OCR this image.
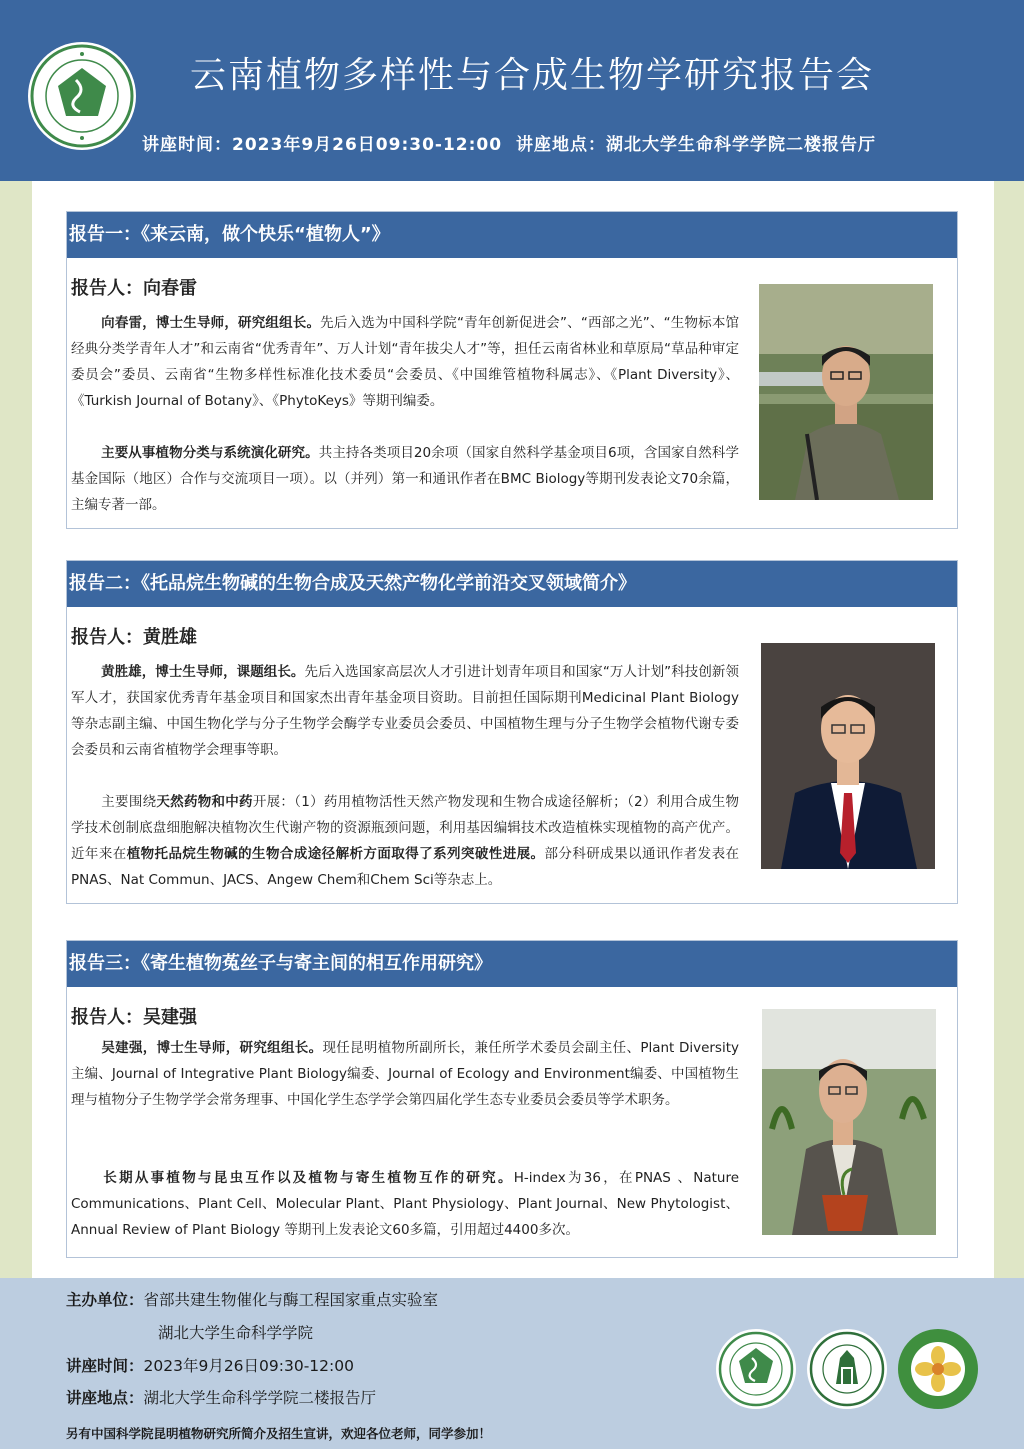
云南植物多样性与合成生物学研究报告会
讲座时间：2023年9月26日09:30-12:00 讲座地点：湖北大学生命科学学院二楼报告厅
报告一：《来云南，做个快乐“植物人”》
报告人：向春雷

向春雷，博士生导师，研究组组长。先后入选为中国科学院“青年创新促进会”、“西部之光”、“生物标本馆经典分类学青年人才”和云南省“优秀青年”、万人计划“青年拔尖人才”等，担任云南省林业和草原局“草品种审定委员会”委员、云南省“生物多样性标准化技术委员“会委员、《中国维管植物科属志》、《Plant Diversity》、《Turkish Journal of Botany》、《PhytoKeys》等期刊编委。

主要从事植物分类与系统演化研究。共主持各类项目20余项（国家自然科学基金项目6项，含国家自然科学基金国际（地区）合作与交流项目一项）。以（并列）第一和通讯作者在BMC Biology等期刊发表论文70余篇，主编专著一部。

报告二：《托品烷生物碱的生物合成及天然产物化学前沿交叉领域简介》
报告人：黄胜雄

黄胜雄，博士生导师，课题组长。先后入选国家高层次人才引进计划青年项目和国家“万人计划”科技创新领军人才，获国家优秀青年基金项目和国家杰出青年基金项目资助。目前担任国际期刊Medicinal Plant Biology等杂志副主编、中国生物化学与分子生物学会酶学专业委员会委员、中国植物生理与分子生物学会植物代谢专委会委员和云南省植物学会理事等职。

主要围绕天然药物和中药开展：（1）药用植物活性天然产物发现和生物合成途径解析；（2）利用合成生物学技术创制底盘细胞解决植物次生代谢产物的资源瓶颈问题，利用基因编辑技术改造植株实现植物的高产优产。近年来在植物托品烷生物碱的生物合成途径解析方面取得了系列突破性进展。部分科研成果以通讯作者发表在PNAS、Nat Commun、JACS、Angew Chem和Chem Sci等杂志上。

报告三：《寄生植物菟丝子与寄主间的相互作用研究》
报告人：吴建强

吴建强，博士生导师，研究组组长。现任昆明植物所副所长，兼任所学术委员会副主任、Plant Diversity主编、Journal of Integrative Plant Biology编委、Journal of Ecology and Environment编委、中国植物生理与植物分子生物学学会常务理事、中国化学生态学学会第四届化学生态专业委员会委员等学术职务。

长期从事植物与昆虫互作以及植物与寄生植物互作的研究。H-index为36，在PNAS 、Nature Communications、Plant Cell、Molecular Plant、Plant Physiology、Plant Journal、New Phytologist、Annual Review of Plant Biology 等期刊上发表论文60多篇，引用超过4400多次。

主办单位：省部共建生物催化与酶工程国家重点实验室
湖北大学生命科学学院
讲座时间：2023年9月26日09:30-12:00
讲座地点：湖北大学生命科学学院二楼报告厅
另有中国科学院昆明植物研究所简介及招生宣讲，欢迎各位老师，同学参加！
